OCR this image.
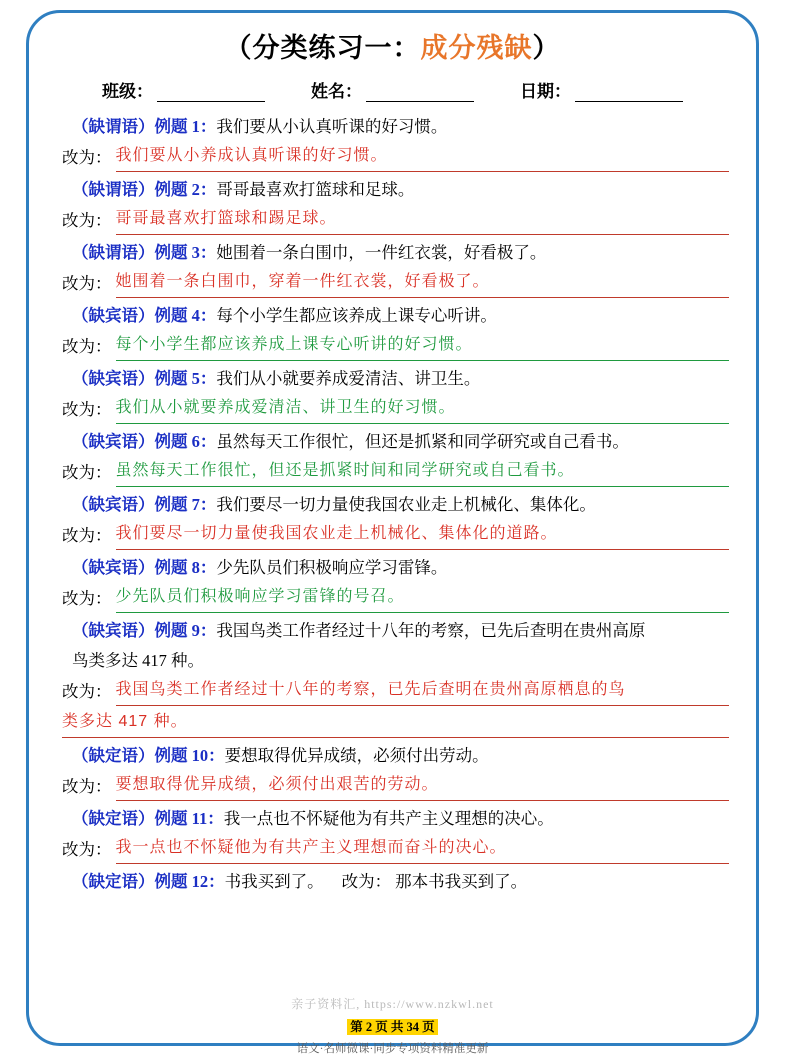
（分类练习一：成分残缺）
班级：	姓名：	日期：
（缺谓语）例题 1：我们要从小认真听课的好习惯。
改为： 我们要从小养成认真听课的好习惯。
（缺谓语）例题 2：哥哥最喜欢打篮球和足球。
改为： 哥哥最喜欢打篮球和踢足球。
（缺谓语）例题 3：她围着一条白围巾，一件红衣裳，好看极了。
改为： 她围着一条白围巾，穿着一件红衣裳，好看极了。
（缺宾语）例题 4：每个小学生都应该养成上课专心听讲。
改为： 每个小学生都应该养成上课专心听讲的好习惯。
（缺宾语）例题 5：我们从小就要养成爱清洁、讲卫生。
改为： 我们从小就要养成爱清洁、讲卫生的好习惯。
（缺宾语）例题 6：虽然每天工作很忙，但还是抓紧和同学研究或自己看书。
改为： 虽然每天工作很忙，但还是抓紧时间和同学研究或自己看书。
（缺宾语）例题 7：我们要尽一切力量使我国农业走上机械化、集体化。
改为： 我们要尽一切力量使我国农业走上机械化、集体化的道路。
（缺宾语）例题 8：少先队员们积极响应学习雷锋。
改为： 少先队员们积极响应学习雷锋的号召。
（缺宾语）例题 9：我国鸟类工作者经过十八年的考察，已先后查明在贵州高原
鸟类多达 417 种。
改为： 我国鸟类工作者经过十八年的考察，已先后查明在贵州高原栖息的鸟
类多达 417 种。
（缺定语）例题 10：要想取得优异成绩，必须付出劳动。
改为： 要想取得优异成绩，必须付出艰苦的劳动。
（缺定语）例题 11：我一点也不怀疑他为有共产主义理想的决心。
改为： 我一点也不怀疑他为有共产主义理想而奋斗的决心。
（缺定语）例题 12：书我买到了。 改为： 那本书我买到了。
亲子资料汇, https://www.nzkwl.net
第 2 页 共 34 页
语文·名师微课·同步专项资料精准更新
